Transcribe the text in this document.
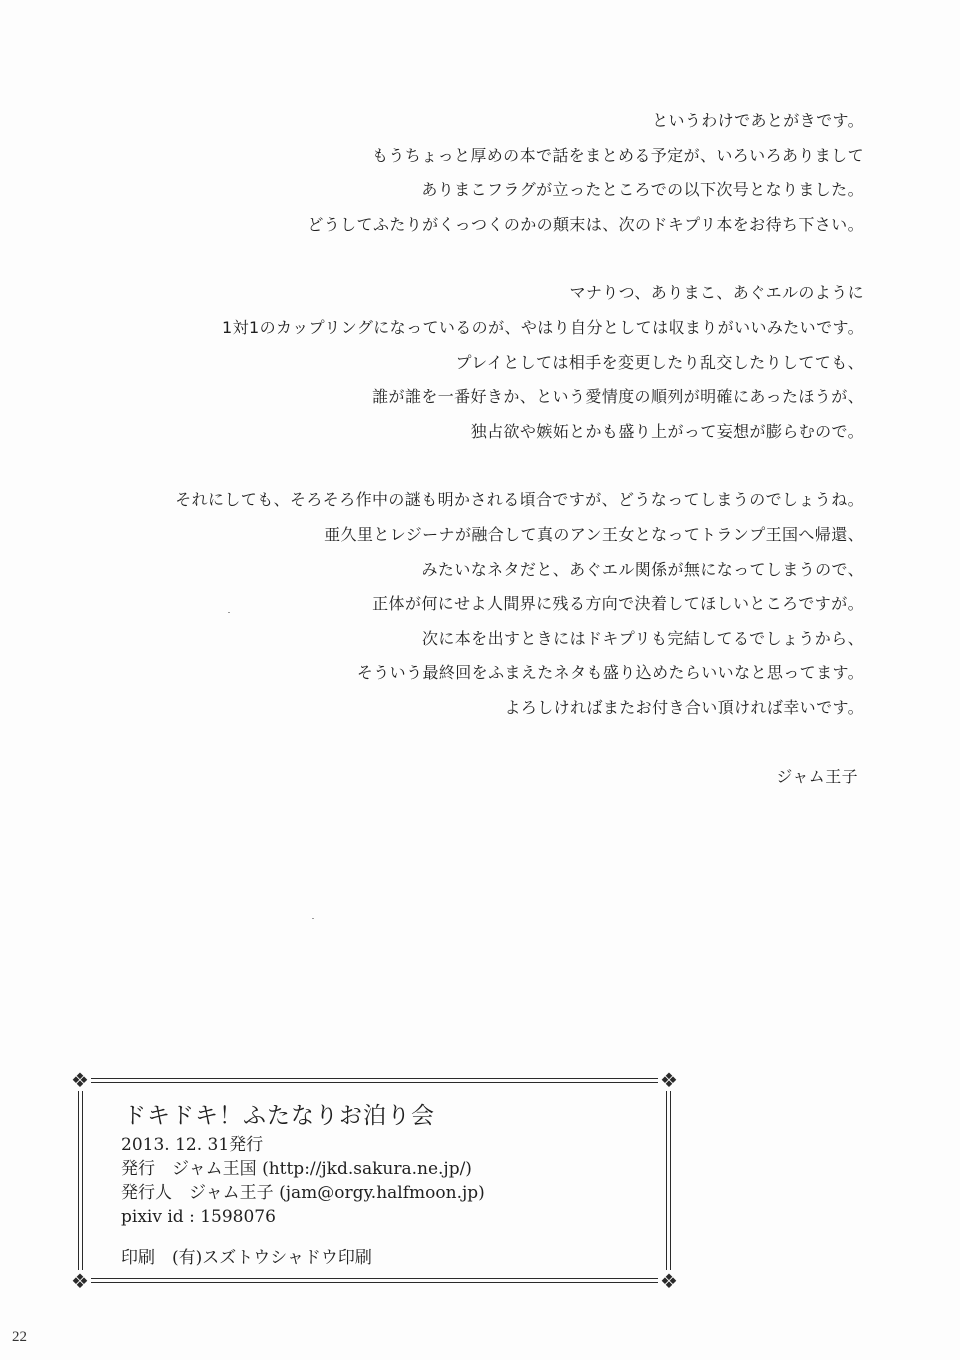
というわけであとがきです。
もうちょっと厚めの本で話をまとめる予定が、いろいろありまして
ありまこフラグが立ったところでの以下次号となりました。
どうしてふたりがくっつくのかの顛末は、次のドキプリ本をお待ち下さい。
マナりつ、ありまこ、あぐエルのように
1対1のカップリングになっているのが、やはり自分としては収まりがいいみたいです。
プレイとしては相手を変更したり乱交したりしてても、
誰が誰を一番好きか、という愛情度の順列が明確にあったほうが、
独占欲や嫉妬とかも盛り上がって妄想が膨らむので。
それにしても、そろそろ作中の謎も明かされる頃合ですが、どうなってしまうのでしょうね。
亜久里とレジーナが融合して真のアン王女となってトランプ王国へ帰還、
みたいなネタだと、あぐエル関係が無になってしまうので、
正体が何にせよ人間界に残る方向で決着してほしいところですが。
次に本を出すときにはドキプリも完結してるでしょうから、
そういう最終回をふまえたネタも盛り込めたらいいなと思ってます。
よろしければまたお付き合い頂ければ幸いです。
ジャム王子
❖	❖
❖	❖
ドキドキ！ふたなりお泊り会
2013. 12. 31発行
発行　ジャム王国 (http://jkd.sakura.ne.jp/)
発行人　ジャム王子 (jam@orgy.halfmoon.jp)
pixiv id : 1598076
印刷　(有)スズトウシャドウ印刷
22
